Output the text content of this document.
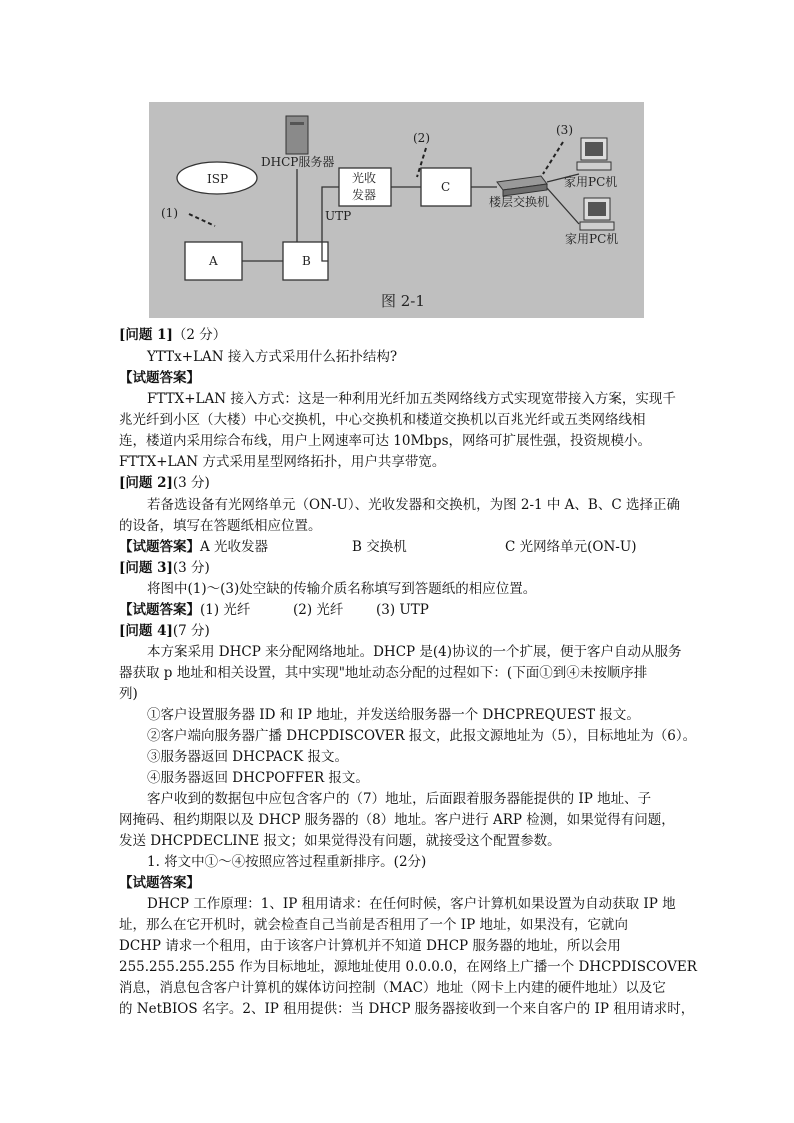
ISP
(1)
A	B
DHCP服务器
UTP
光收
发器
(2)
C
楼层交换机
(3)
家用PC机
家用PC机
图 2-1
[问题 1]（2 分）
YTTx+LAN 接入方式采用什么拓扑结构?
【试题答案】
FTTX+LAN 接入方式：这是一种利用光纤加五类网络线方式实现宽带接入方案，实现千
兆光纤到小区（大楼）中心交换机，中心交换机和楼道交换机以百兆光纤或五类网络线相
连，楼道内采用综合布线，用户上网速率可达 10Mbps，网络可扩展性强，投资规模小。
FTTX+LAN 方式采用星型网络拓扑，用户共享带宽。
[问题 2](3 分)
若备选设备有光网络单元（ON-U）、光收发器和交换机，为图 2-1 中 A、B、C 选择正确
的设备，填写在答题纸相应位置。
【试题答案】A 光收发器	B 交换机	C 光网络单元(ON-U)
[问题 3](3 分)
将图中(1)～(3)处空缺的传输介质名称填写到答题纸的相应位置。
【试题答案】(1) 光纤	(2) 光纤 (3) UTP
[问题 4](7 分)
本方案采用 DHCP 来分配网络地址。DHCP 是(4)协议的一个扩展，便于客户自动从服务
器获取 p 地址和相关设置，其中实现"地址动态分配的过程如下：(下面①到④未按顺序排
列)
①客户设置服务器 ID 和 IP 地址，并发送给服务器一个 DHCPREQUEST 报文。
②客户端向服务器广播 DHCPDISCOVER 报文，此报文源地址为（5），目标地址为（6）。
③服务器返回 DHCPACK 报文。
④服务器返回 DHCPOFFER 报文。
客户收到的数据包中应包含客户的（7）地址，后面跟着服务器能提供的 IP 地址、子
网掩码、租约期限以及 DHCP 服务器的（8）地址。客户进行 ARP 检测，如果觉得有问题，
发送 DHCPDECLINE 报文；如果觉得没有问题，就接受这个配置参数。
1. 将文中①～④按照应答过程重新排序。(2分)
【试题答案】
DHCP 工作原理：1、IP 租用请求：在任何时候，客户计算机如果设置为自动获取 IP 地
址，那么在它开机时，就会检查自己当前是否租用了一个 IP 地址，如果没有，它就向
DCHP 请求一个租用，由于该客户计算机并不知道 DHCP 服务器的地址，所以会用
255.255.255.255 作为目标地址，源地址使用 0.0.0.0，在网络上广播一个 DHCPDISCOVER
消息，消息包含客户计算机的媒体访问控制（MAC）地址（网卡上内建的硬件地址）以及它
的 NetBIOS 名字。2、IP 租用提供：当 DHCP 服务器接收到一个来自客户的 IP 租用请求时，
